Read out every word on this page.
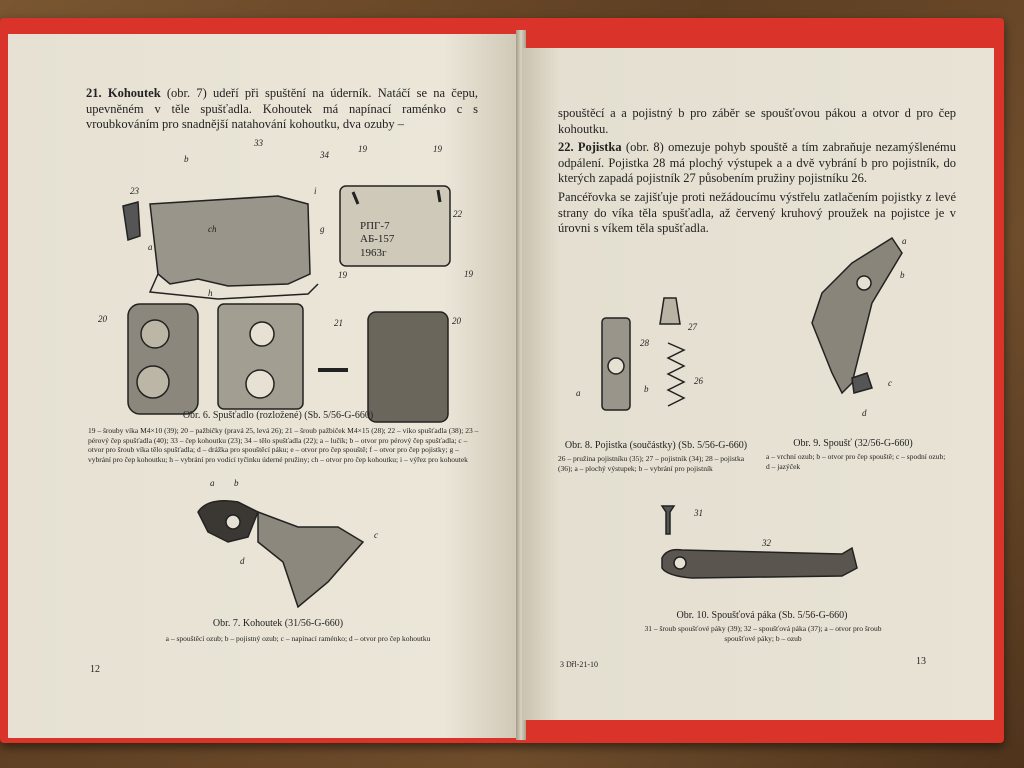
21. Kohoutek (obr. 7) udeří při spuštění na úderník. Natáčí se na čepu, upevněném v těle spušťadla. Kohoutek má napínací raménko c s vroubkováním pro snadnější natahování kohoutku, dva ozuby –
РПГ-7
АБ-157
1963г
23
33
34
19	19
22
19	19
20	20
21
b
a
ch
h
g
i
Obr. 6. Spušťadlo (rozložené) (Sb. 5/56-G-660)
19 – šrouby víka M4×10 (39); 20 – pažbičky (pravá 25, levá 26); 21 – šroub pažbiček M4×15 (28); 22 – víko spušťadla (38); 23 – pérový čep spušťadla (40); 33 – čep kohoutku (23); 34 – tělo spušťadla (22); a – lučík; b – otvor pro pérový čep spušťadla; c – otvor pro šroub víka tělo spušťadla; d – drážka pro spouštěcí páku; e – otvor pro čep spouště; f – otvor pro čep pojistky; g – vybrání pro čep kohoutku; h – vybrání pro vodicí tyčinku úderné pružiny; ch – otvor pro čep kohoutku; i – výřez pro kohoutek
a b
c
d
Obr. 7. Kohoutek (31/56-G-660)
a – spouštěcí ozub; b – pojistný ozub; c – napínací raménko; d – otvor pro čep kohoutku
12
spouštěcí a a pojistný b pro záběr se spoušťovou pákou a otvor d pro čep kohoutku.
22. Pojistka (obr. 8) omezuje pohyb spouště a tím zabraňuje nezamýšlenému odpálení. Pojistka 28 má plochý výstupek a a dvě vybrání b pro pojistník, do kterých zapadá pojistník 27 působením pružiny pojistníku 26.
Pancéřovka se zajišťuje proti nežádoucímu výstřelu zatlačením pojistky z levé strany do víka těla spušťadla, až červený kruhový proužek na pojistce je v úrovni s víkem těla spušťadla.
28
27
26
a	b
Obr. 8. Pojistka (součástky) (Sb. 5/56-G-660)
26 – pružina pojistníku (35); 27 – pojistník (34); 28 – pojistka (36); a – plochý výstupek; b – vybrání pro pojistník
a
b
c
d
Obr. 9. Spoušť (32/56-G-660)
a – vrchní ozub; b – otvor pro čep spouště; c – spodní ozub; d – jazýček
31
32
Obr. 10. Spoušťová páka (Sb. 5/56-G-660)
31 – šroub spoušťové páky (39); 32 – spoušťová páka (37); a – otvor pro šroub spoušťové páky; b – ozub
3 Dřl-21-10	13
